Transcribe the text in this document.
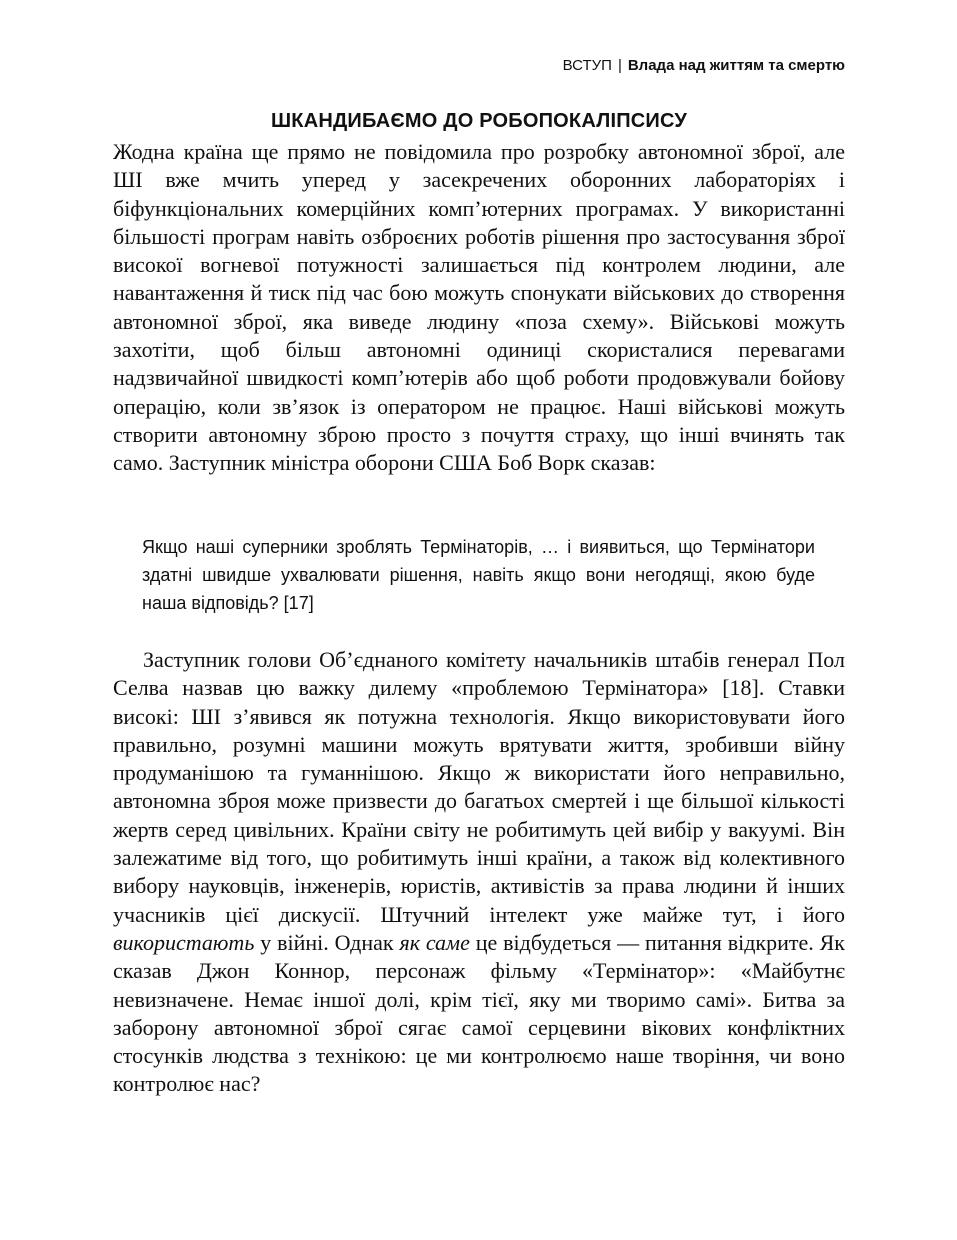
ВСТУП | Влада над життям та смертю
ШКАНДИБАЄМО ДО РОБОПОКАЛІПСИСУ

Жодна країна ще прямо не повідомила про розробку автономної зброї, але ШІ вже мчить уперед у засекречених оборонних лабораторіях і біфункціональних комерційних комп’ютерних програмах. У використанні більшості програм навіть озброєних роботів рішення про застосування зброї високої вогневої потужності залишається під контролем людини, але навантаження й тиск під час бою можуть спонукати військових до створення автономної зброї, яка виведе людину «поза схему». Військові можуть захотіти, щоб більш автономні одиниці скористалися перевагами надзвичайної швидкості комп’ютерів або щоб роботи продовжували бойову операцію, коли зв’язок із оператором не працює. Наші військові можуть створити автономну зброю просто з почуття страху, що інші вчинять так само. Заступник міністра оборони США Боб Ворк сказав:

Якщо наші суперники зроблять Термінаторів, … і виявиться, що Термінатори здатні швидше ухвалювати рішення, навіть якщо вони негодящі, якою буде наша відповідь? [17]

Заступник голови Об’єднаного комітету начальників штабів генерал Пол Селва назвав цю важку дилему «проблемою Термінатора» [18]. Ставки високі: ШІ з’явився як потужна технологія. Якщо використовувати його правильно, розумні машини можуть врятувати життя, зробивши війну продуманішою та гуманнішою. Якщо ж використати його неправильно, автономна зброя може призвести до багатьох смертей і ще більшої кількості жертв серед цивільних. Країни світу не робитимуть цей вибір у вакуумі. Він залежатиме від того, що робитимуть інші країни, а також від колективного вибору науковців, інженерів, юристів, активістів за права людини й інших учасників цієї дискусії. Штучний інтелект уже майже тут, і його використають у війні. Однак як саме це відбудеться — питання відкрите. Як сказав Джон Коннор, персонаж фільму «Термінатор»: «Майбутнє невизначене. Немає іншої долі, крім тієї, яку ми творимо самі». Битва за заборону автономної зброї сягає самої серцевини вікових конфліктних стосунків людства з технікою: це ми контролюємо наше творіння, чи воно контролює нас?
